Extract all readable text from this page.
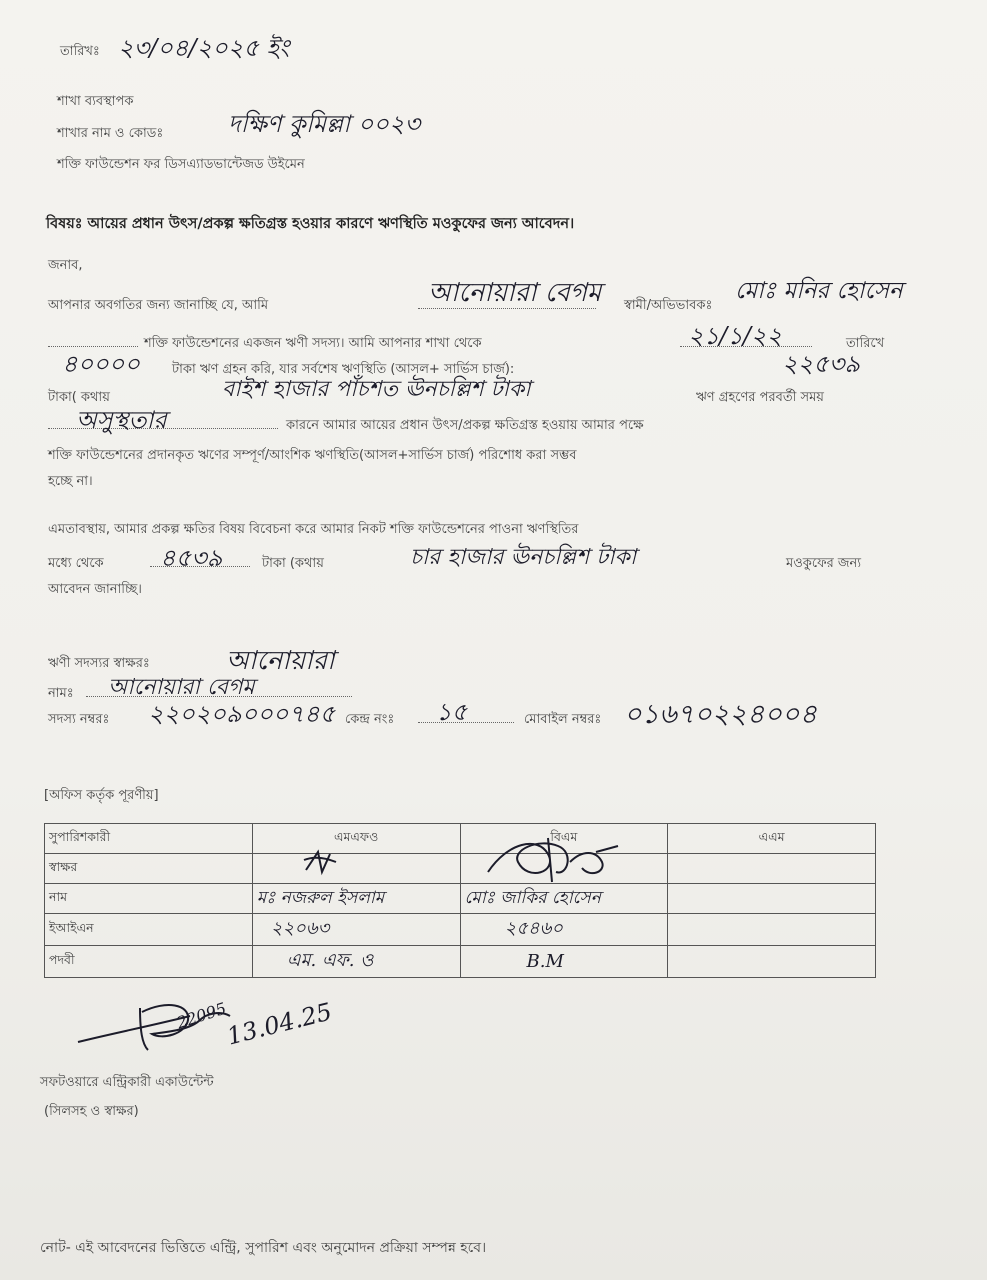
তারিখঃ ২৩/০৪/২০২৫ ইং
শাখা ব্যবস্থাপক
শাখার নাম ও কোডঃ	দক্ষিণ কুমিল্লা ০০২৩
শক্তি ফাউন্ডেশন ফর ডিসএ্যাডভান্টেজড উইমেন
বিষয়ঃ আয়ের প্রধান উৎস/প্রকল্প ক্ষতিগ্রস্ত হওয়ার কারণে ঋণস্থিতি মওকুফের জন্য আবেদন।
জনাব,
আপনার অবগতির জন্য জানাচ্ছি যে, আমি	আনোয়ারা বেগম স্বামী/অভিভাবকঃ
মোঃ মনির হোসেন
শক্তি ফাউন্ডেশনের একজন ঋণী সদস্য। আমি আপনার শাখা থেকে	২১/১/২২	তারিখে
৪০০০০ টাকা ঋণ গ্রহন করি, যার সর্বশেষ ঋণস্থিতি (আসল+ সার্ভিস চার্জ):	২২৫৩৯
টাকা( কথায়	বাইশ হাজার পাঁচশত ঊনচল্লিশ টাকা	ঋণ গ্রহণের পরবর্তী সময়
অসুস্থতার	কারনে আমার আয়ের প্রধান উৎস/প্রকল্প ক্ষতিগ্রস্ত হওয়ায় আমার পক্ষে
শক্তি ফাউন্ডেশনের প্রদানকৃত ঋণের সম্পূর্ণ/আংশিক ঋণস্থিতি(আসল+সার্ভিস চার্জ) পরিশোধ করা সম্ভব
হচ্ছে না।
এমতাবস্থায়, আমার প্রকল্প ক্ষতির বিষয় বিবেচনা করে আমার নিকট শক্তি ফাউন্ডেশনের পাওনা ঋণস্থিতির
মধ্যে থেকে ৪৫৩৯	টাকা (কথায়	চার হাজার ঊনচল্লিশ টাকা	মওকুফের জন্য
আবেদন জানাচ্ছি।
ঋণী সদস্যর স্বাক্ষরঃ	আনোয়ারা
নামঃ আনোয়ারা বেগম
সদস্য নম্বরঃ ২২০২০৯০০০৭৪৫ কেন্দ্র নংঃ ১৫	মোবাইল নম্বরঃ ০১৬৭০২২৪০০৪
[অফিস কর্তৃক পূরণীয়]
সুপারিশকারী	এমএফও	বিএম	এএম
স্বাক্ষর			
নাম	মঃ নজরুল ইসলাম	মোঃ জাকির হোসেন	
ইআইএন	২২০৬৩	২৫৪৬০	
পদবী	এম. এফ. ও	B.M	
22095
13.04.25
সফটওয়ারে এন্ট্রিকারী একাউন্টেন্ট
(সিলসহ ও স্বাক্ষর)
নোট- এই আবেদনের ভিত্তিতে এন্ট্রি, সুপারিশ এবং অনুমোদন প্রক্রিয়া সম্পন্ন হবে।
